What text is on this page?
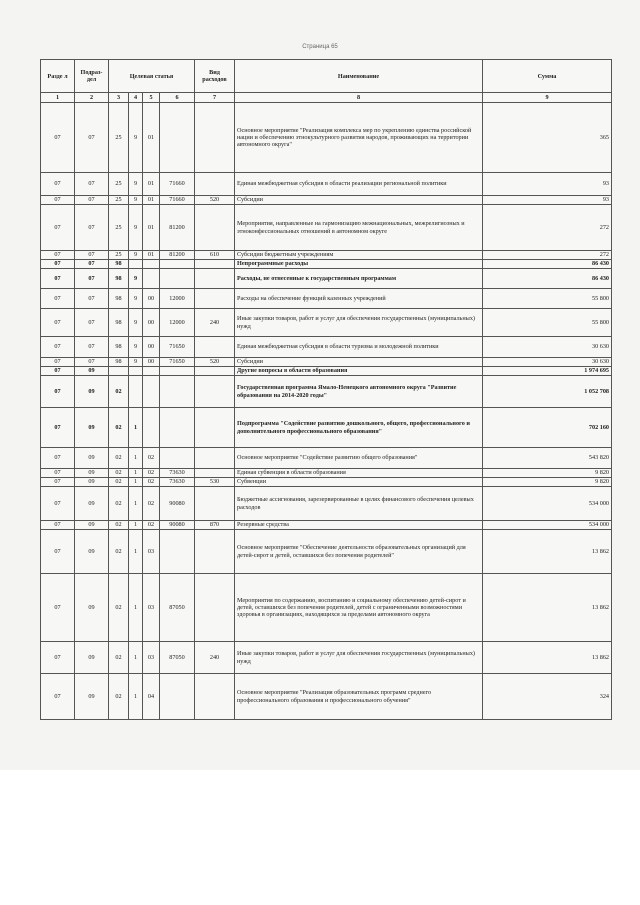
Страница 65
Разде л	Подраз- дел	Целевая статья				Вид расходов	Наименование	Сумма
1	2	3	4	5	6	7	8	9
07	07	25	9	01			Основное мероприятие "Реализация комплекса мер по укреплению единства российской нации и обеспечению этнокультурного развития народов, проживающих на территории автономного округа"	365
07	07	25	9	01	71660		Единая межбюджетная субсидия в области реализации региональной политики	93
07	07	25	9	01	71660	520	Субсидии	93
07	07	25	9	01	81200		Мероприятия, направленные на гармонизацию межнациональных, межрелигиозных и этноконфессиональных отношений в автономном округе	272
07	07	25	9	01	81200	610	Субсидии бюджетным учреждениям	272
07	07	98					Непрограммные расходы	86 430
07	07	98	9				Расходы, не отнесенные к государственным программам	86 430
07	07	98	9	00	12000		Расходы на обеспечение функций казенных учреждений	55 800
07	07	98	9	00	12000	240	Иные закупки товаров, работ и услуг для обеспечения государственных (муниципальных) нужд	55 800
07	07	98	9	00	71650		Единая межбюджетная субсидия в области туризма и молодежной политики	30 630
07	07	98	9	00	71650	520	Субсидии	30 630
07	09						Другие вопросы в области образования	1 974 695
07	09	02					Государственная программа Ямало-Ненецкого автономного округа "Развитие образования на 2014-2020 годы"	1 052 708
07	09	02	1				Подпрограмма "Содействие развитию дошкольного, общего, профессионального и дополнительного профессионального образования"	702 160
07	09	02	1	02			Основное мероприятие "Содействие развитию общего образования"	543 820
07	09	02	1	02	73630		Единая субвенция в области образования	9 820
07	09	02	1	02	73630	530	Субвенции	9 820
07	09	02	1	02	90080		Бюджетные ассигнования, зарезервированные в целях финансового обеспечения целевых расходов	534 000
07	09	02	1	02	90080	870	Резервные средства	534 000
07	09	02	1	03			Основное мероприятие "Обеспечение деятельности образовательных организаций для детей-сирот и детей, оставшихся без попечения родителей"	13 862
07	09	02	1	03	87050		Мероприятия по содержанию, воспитанию и социальному обеспечению детей-сирот и детей, оставшихся без попечения родителей, детей с ограниченными возможностями здоровья в организациях, находящихся за пределами автономного округа	13 862
07	09	02	1	03	87050	240	Иные закупки товаров, работ и услуг для обеспечения государственных (муниципальных) нужд	13 862
07	09	02	1	04			Основное мероприятие "Реализация образовательных программ среднего профессионального образования и профессионального обучения"	324
